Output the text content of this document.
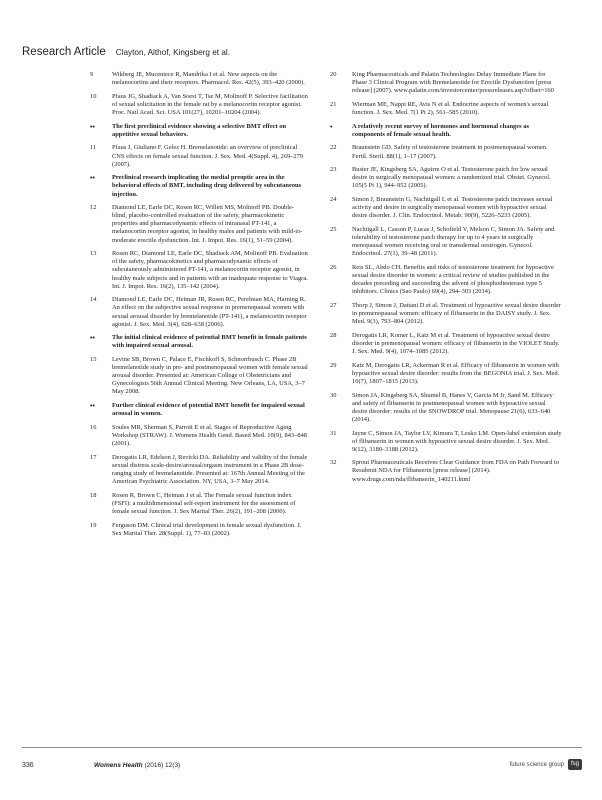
Research Article Clayton, Althof, Kingsberg et al.
9	Wikberg JE, Muceniece R, Mandrika I et al. New aspects on the melanocortins and their receptors. Pharmacol. Res. 42(5), 393–420 (2000).
10	Pfaus JG, Shadiack A, Van Soest T, Tse M, Molinoff P. Selective facilitation of sexual solicitation in the female rat by a melanocortin receptor agonist. Proc. Natl Acad. Sci. USA 101(27), 10201–10204 (2004).
••	The first preclinical evidence showing a selective BMT effect on appetitive sexual behaviors.
11	Pfaus J, Giuliano F, Gelez H. Bremelanotide: an overview of preclinical CNS effects on female sexual function. J. Sex. Med. 4(Suppl. 4), 269–279 (2007).
••	Preclinical research implicating the medial preoptic area in the behavioral effects of BMT, including drug delivered by subcutaneous injection.
12	Diamond LE, Earle DC, Rosen RC, Willett MS, Molinoff PB. Double-blind, placebo-controlled evaluation of the safety, pharmacokinetic properties and pharmacodynamic effects of intranasal PT-141, a melanocortin receptor agonist, in healthy males and patients with mild-to-moderate erectile dysfunction. Int. J. Impot. Res. 16(1), 51–59 (2004).
13	Rosen RC, Diamond LE, Earle DC, Shadiack AM, Molinoff PB. Evaluation of the safety, pharmacokinetics and pharmacodynamic effects of subcutaneously administered PT-141, a melanocortin receptor agonist, in healthy male subjects and in patients with an inadequate response to Viagra. Int. J. Impot. Res. 16(2), 135–142 (2004).
14	Diamond LE, Earle DC, Heiman JR, Rosen RC, Perelman MA, Harning R. An effect on the subjective sexual response in premenopausal women with sexual arousal disorder by bremelanotide (PT-141), a melanocortin receptor agonist. J. Sex. Med. 3(4), 628–638 (2006).
••	The initial clinical evidence of potential BMT benefit in female patients with impaired sexual arousal.
15	Levine SB, Brown C, Palace E, Fischkoff S, Schnorrbusch C. Phase 2B bremelanotide study in pre- and postmenopausal women with female sexual arousal disorder. Presented at: American College of Obstetricians and Gynecologists 56th Annual Clinical Meeting. New Orleans, LA, USA, 3–7 May 2008.
••	Further clinical evidence of potential BMT benefit for impaired sexual arousal in women.
16	Soules MR, Sherman S, Parrott E et al. Stages of Reproductive Aging Workshop (STRAW). J. Womens Health Gend. Based Med. 10(9), 843–848 (2001).
17	Derogatis LR, Edelson J, Revicki DA. Reliability and validity of the female sexual distress scale-desire/arousal/orgasm instrument in a Phase 2B dose-ranging study of bremelanotide. Presented at: 167th Annual Meeting of the American Psychiatric Association. NY, USA, 3–7 May 2014.
18	Rosen R, Brown C, Heiman J et al. The Female sexual function index (FSFI): a multidimensional self-report instrument for the assessment of female sexual function. J. Sex Marital Ther. 26(2), 191–208 (2000).
19	Ferguson DM. Clinical trial development in female sexual dysfunction. J. Sex Marital Ther. 28(Suppl. 1), 77–83 (2002).
20	King Pharmaceuticals and Palatin Technologies Delay Immediate Plans for Phase 3 Clinical Program with Bremelanotide for Erectile Dysfunction [press release] (2007). www.palatin.com/investorcenter/pressreleases.asp?offset=160
21	Wierman ME, Nappi RE, Avis N et al. Endocrine aspects of women's sexual function. J. Sex. Med. 7(1 Pt 2), 561–585 (2010).
•	A relatively recent survey of hormones and hormonal changes as components of female sexual health.
22	Braunstein GD. Safety of testosterone treatment in postmenopausal women. Fertil. Steril. 88(1), 1–17 (2007).
23	Buster JE, Kingsberg SA, Aguirre O et al. Testosterone patch for low sexual desire in surgically menopausal women: a randomized trial. Obstet. Gynecol. 105(5 Pt 1), 944–952 (2005).
24	Simon J, Braunstein G, Nachtigall L et al. Testosterone patch increases sexual activity and desire in surgically menopausal women with hypoactive sexual desire disorder. J. Clin. Endocrinol. Metab. 90(9), 5226–5233 (2005).
25	Nachtigall L, Casson P, Lucas J, Schofield V, Melson C, Simon JA. Safety and tolerability of testosterone patch therapy for up to 4 years in surgically menopausal women receiving oral or transdermal oestrogen. Gynecol. Endocrinol. 27(1), 39–48 (2011).
26	Reis SL, Abdo CH. Benefits and risks of testosterone treatment for hypoactive sexual desire disorder in women: a critical review of studies published in the decades preceding and succeeding the advent of phosphodiesterase type 5 inhibitors. Clinics (Sao Paulo) 69(4), 294–303 (2014).
27	Thorp J, Simon J, Dattani D et al. Treatment of hypoactive sexual desire disorder in premenopausal women: efficacy of flibanserin in the DAISY study. J. Sex. Med. 9(3), 793–804 (2012).
28	Derogatis LR, Komer L, Katz M et al. Treatment of hypoactive sexual desire disorder in premenopausal women: efficacy of flibanserin in the VIOLET Study. J. Sex. Med. 9(4), 1074–1085 (2012).
29	Katz M, Derogatis LR, Ackerman R et al. Efficacy of flibanserin in women with hypoactive sexual desire disorder: results from the BEGONIA trial. J. Sex. Med. 10(7), 1807–1815 (2013).
30	Simon JA, Kingsberg SA, Shumel B, Hanes V, Garcia M Jr, Sand M. Efficacy and safety of flibanserin in postmenopausal women with hypoactive sexual desire disorder: results of the SNOWDROP trial. Menopause 21(6), 633–640 (2014).
31	Jayne C, Simon JA, Taylor LV, Kimura T, Lesko LM. Open-label extension study of flibanserin in women with hypoactive sexual desire disorder. J. Sex. Med. 9(12), 3180–3188 (2012).
32	Sprout Pharmaceuticals Receives Clear Guidance from FDA on Path Forward to Resubmit NDA for Flibanserin [press release] (2014). www.drugs.com/nda/flibanserin_140211.html
336	Womens Health (2016) 12(3)	future science group	fsg
